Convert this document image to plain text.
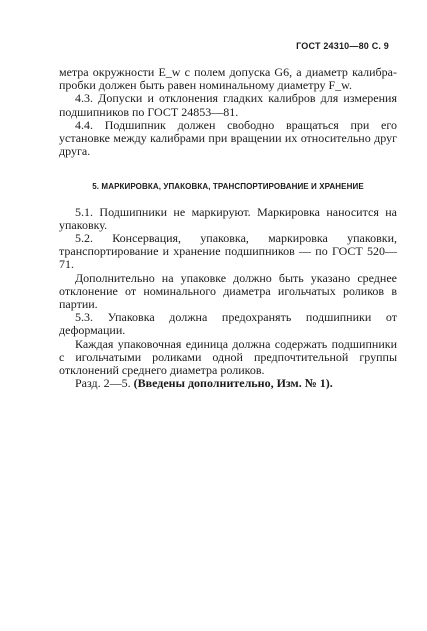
ГОСТ 24310—80 С. 9

метра окружности E_w с полем допуска G6, а диаметр калибра-пробки должен быть равен номинальному диаметру F_w.

4.3. Допуски и отклонения гладких калибров для измерения подшипников по ГОСТ 24853—81.

4.4. Подшипник должен свободно вращаться при его установке между калибрами при вращении их относительно друг друга.

5. МАРКИРОВКА, УПАКОВКА, ТРАНСПОРТИРОВАНИЕ И ХРАНЕНИЕ

5.1. Подшипники не маркируют. Маркировка наносится на упаковку.

5.2. Консервация, упаковка, маркировка упаковки, транспортирование и хранение подшипников — по ГОСТ 520—71.

Дополнительно на упаковке должно быть указано среднее отклонение от номинального диаметра игольчатых роликов в партии.

5.3. Упаковка должна предохранять подшипники от деформации.

Каждая упаковочная единица должна содержать подшипники с игольчатыми роликами одной предпочтительной группы отклонений среднего диаметра роликов.

Разд. 2—5. (Введены дополнительно, Изм. № 1).
